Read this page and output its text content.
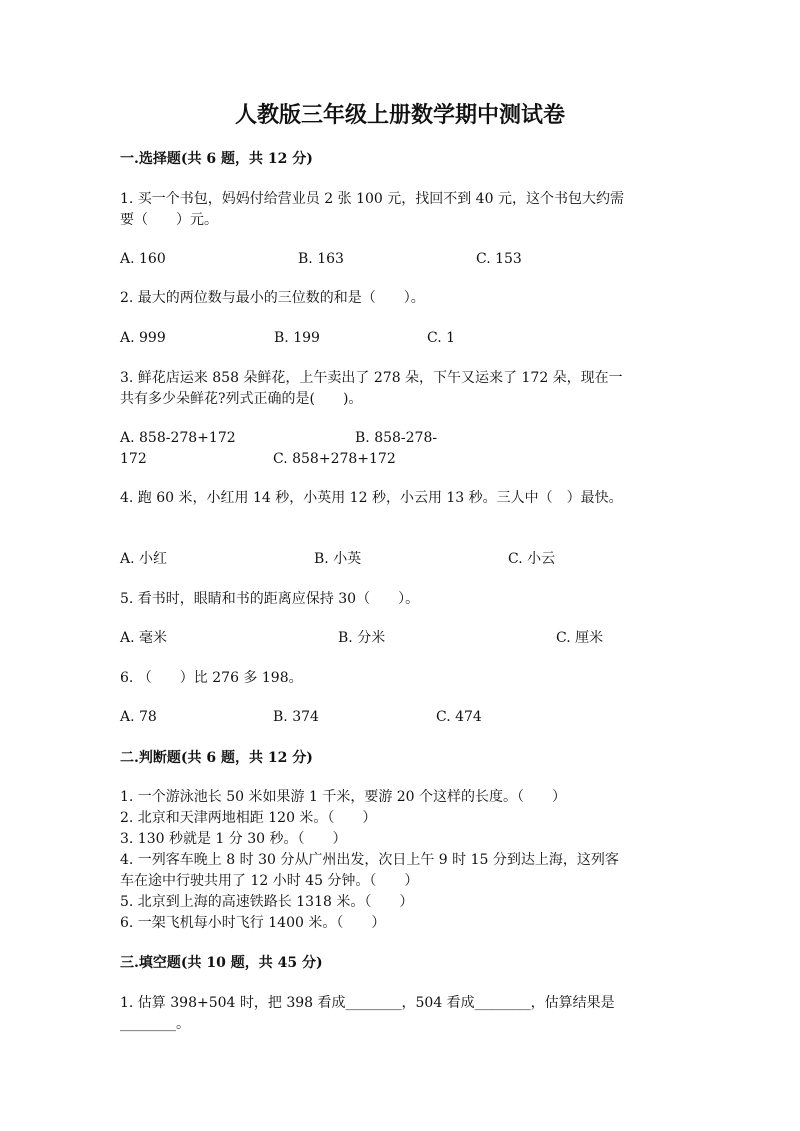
人教版三年级上册数学期中测试卷
一.选择题(共 6 题，共 12 分)
1. 买一个书包，妈妈付给营业员 2 张 100 元，找回不到 40 元，这个书包大约需
要（　　）元。
A. 160	B. 163	C. 153
2. 最大的两位数与最小的三位数的和是（　　）。
A. 999	B. 199	C. 1
3. 鲜花店运来 858 朵鲜花，上午卖出了 278 朵，下午又运来了 172 朵，现在一
共有多少朵鲜花?列式正确的是(　　)。
A. 858-278+172	B. 858-278-
172	C. 858+278+172
4. 跑 60 米，小红用 14 秒，小英用 12 秒，小云用 13 秒。三人中（　）最快。
A. 小红	B. 小英	C. 小云
5. 看书时，眼睛和书的距离应保持 30（　　）。
A. 毫米	B. 分米	C. 厘米
6. （　　）比 276 多 198。
A. 78	B. 374	C. 474
二.判断题(共 6 题，共 12 分)
1. 一个游泳池长 50 米如果游 1 千米，要游 20 个这样的长度。（　　）
2. 北京和天津两地相距 120 米。（　　）
3. 130 秒就是 1 分 30 秒。（　　）
4. 一列客车晚上 8 时 30 分从广州出发，次日上午 9 时 15 分到达上海，这列客
车在途中行驶共用了 12 小时 45 分钟。（　　）
5. 北京到上海的高速铁路长 1318 米。（　　）
6. 一架飞机每小时飞行 1400 米。（　　）
三.填空题(共 10 题，共 45 分)
1. 估算 398+504 时，把 398 看成________，504 看成________，估算结果是
________。
